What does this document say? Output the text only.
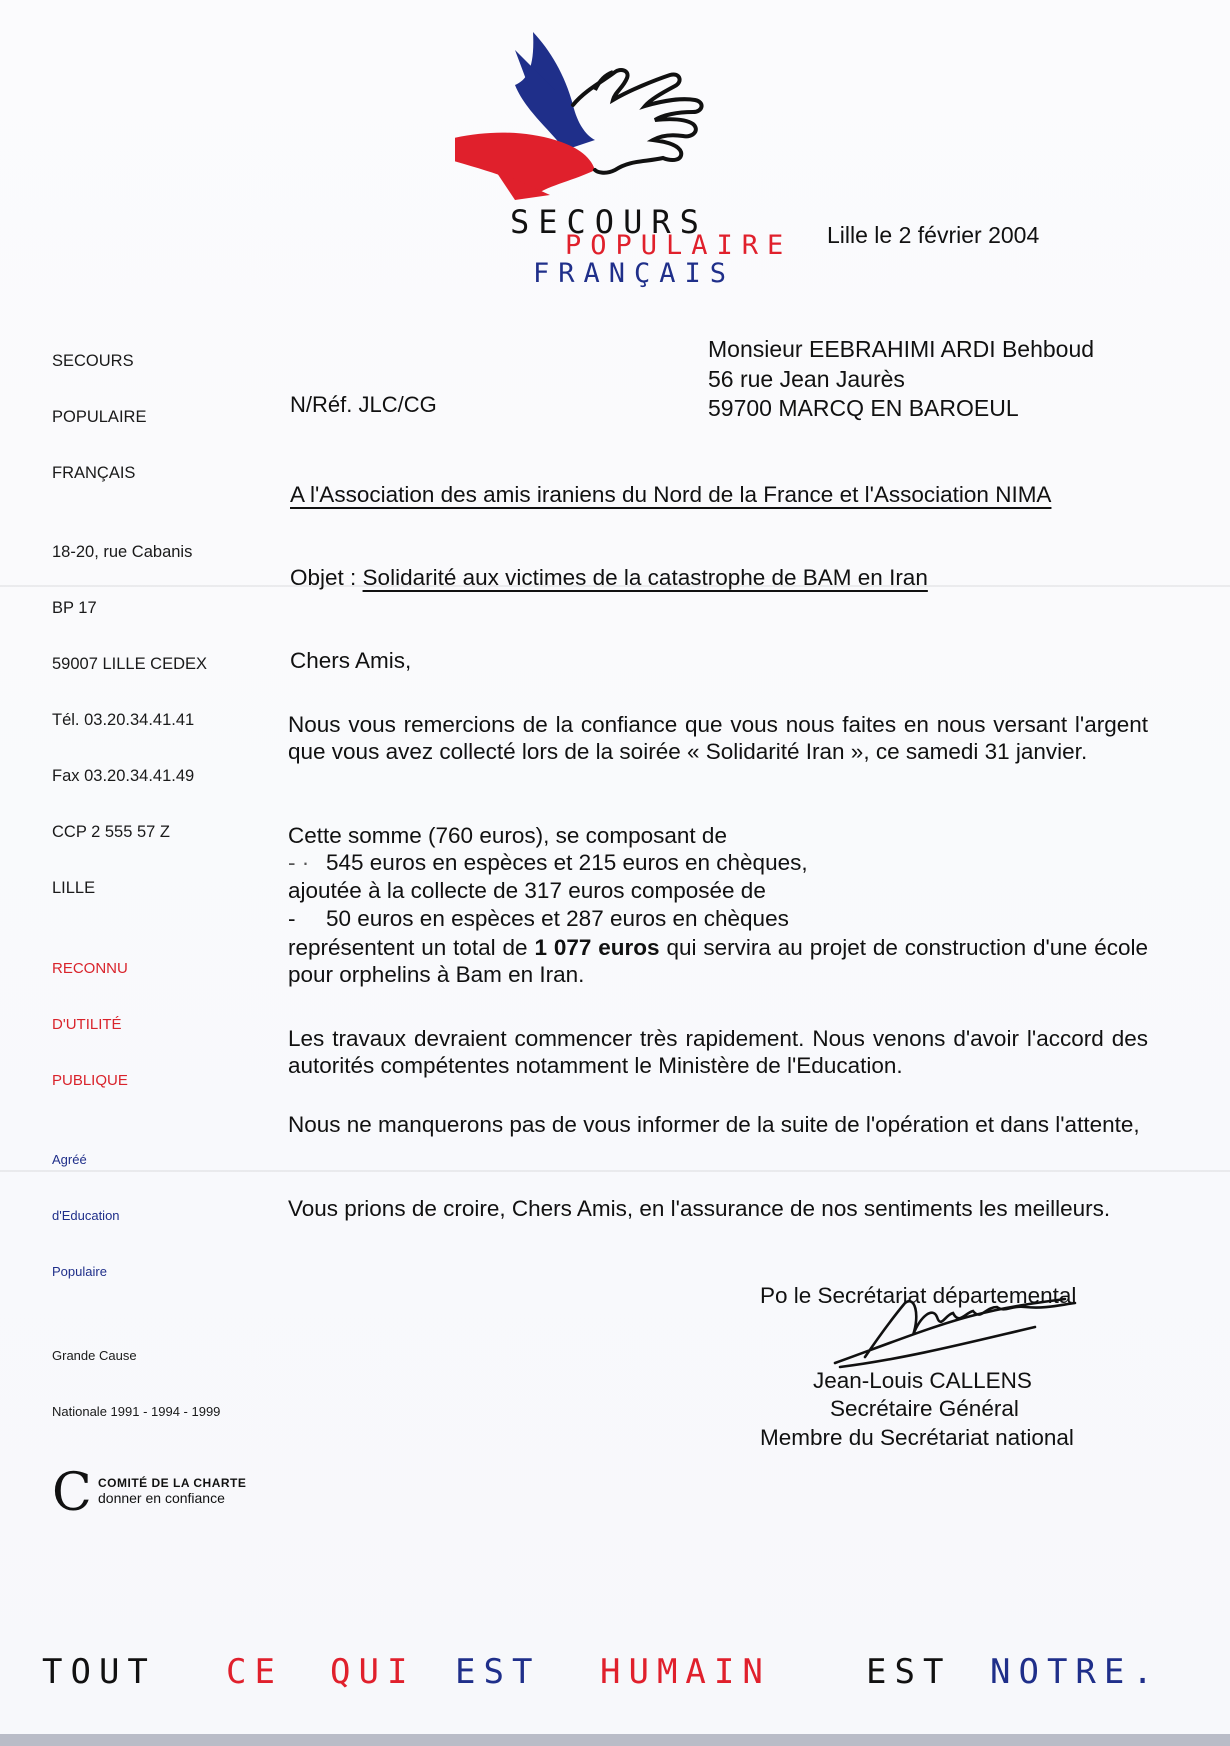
SECOURS
POPULAIRE
FRANÇAIS
Lille le 2 février 2004
SECOURS
POPULAIRE
FRANÇAIS
18-20, rue Cabanis
BP 17
59007 LILLE CEDEX
Tél. 03.20.34.41.41
Fax 03.20.34.41.49
CCP 2 555 57 Z
LILLE
RECONNU
D'UTILITÉ
PUBLIQUE
Agréé
d'Education
Populaire
Grande Cause
Nationale 1991 - 1994 - 1999
C COMITÉ DE LA CHARTE
donner en confiance
N/Réf. JLC/CG
Monsieur EEBRAHIMI ARDI Behboud
56 rue Jean Jaurès
59700 MARCQ EN BAROEUL
A l'Association des amis iraniens du Nord de la France et l'Association NIMA
Objet : Solidarité aux victimes de la catastrophe de BAM en Iran
Chers Amis,
Nous vous remercions de la confiance que vous nous faites en nous versant l'argent que vous avez collecté lors de la soirée « Solidarité Iran », ce samedi 31 janvier.
Cette somme (760 euros), se composant de
- · 545 euros en espèces et 215 euros en chèques,
ajoutée à la collecte de 317 euros composée de
- 50 euros en espèces et 287 euros en chèques
représentent un total de 1 077 euros qui servira au projet de construction d'une école pour orphelins à Bam en Iran.
Les travaux devraient commencer très rapidement. Nous venons d'avoir l'accord des autorités compétentes notamment le Ministère de l'Education.
Nous ne manquerons pas de vous informer de la suite de l'opération et dans l'attente,
Vous prions de croire, Chers Amis, en l'assurance de nos sentiments les meilleurs.
Po le Secrétariat départemental
Jean-Louis CALLENS
Secrétaire Général
Membre du Secrétariat national
TOUT CE QUI EST HUMAIN	EST NOTRE.
